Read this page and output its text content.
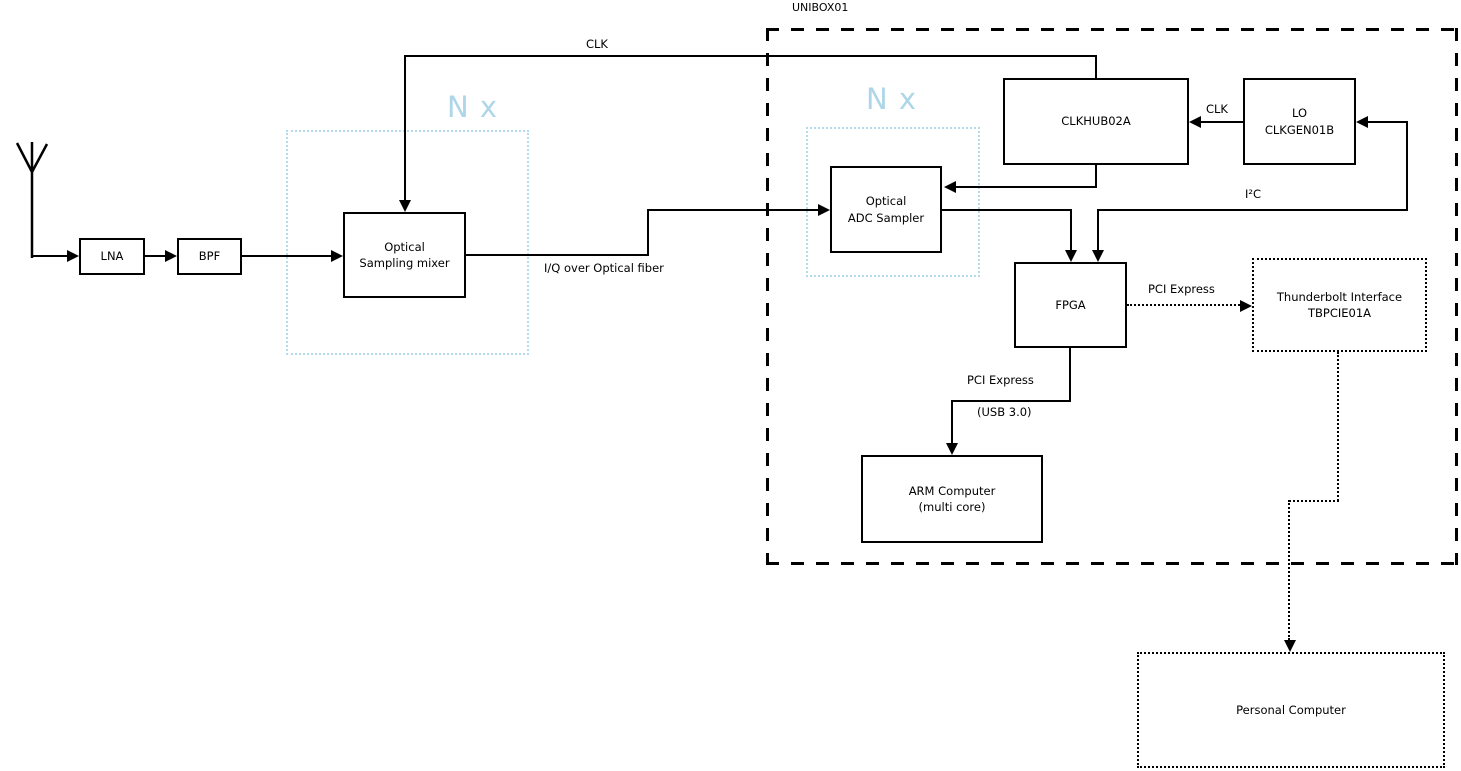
UNIBOX01
N x	N x
LNA	BPF
Optical
Sampling mixer
Optical
ADC Sampler
CLKHUB02A
LO
CLKGEN01B
FPGA
ARM Computer
(multi core)
Thunderbolt Interface
TBPCIE01A
Personal Computer
CLK
I/Q over Optical fiber
CLK
I²C
PCI Express
PCI Express
(USB 3.0)
